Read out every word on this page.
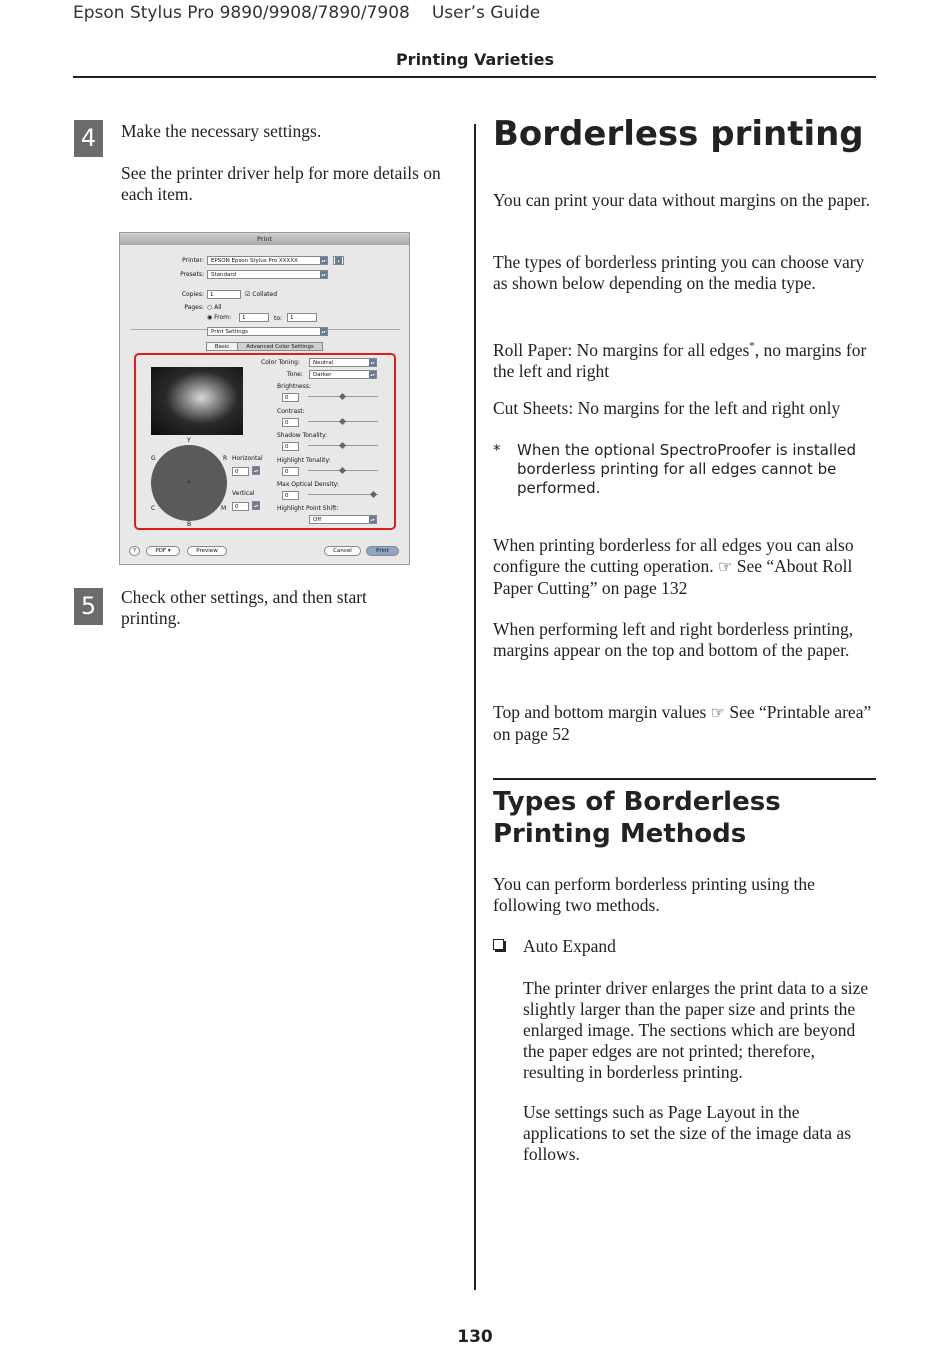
Epson Stylus Pro 9890/9908/7890/7908 User’s Guide
Printing Varieties
4	Make the necessary settings.
See the printer driver help for more details on each item.
Print
Printer:	EPSON Epson Stylus Pro XXXXX	▴▾	▴
Presets:	Standard	▴▾
Copies:	1	☑ Collated
Pages: ○ All
◉ From:	1	to:	1
Print Settings	▴▾
Basic	Advanced Color Settings
Color Toning:	Neutral	▴▾
Tone:	Darker	▴▾
Brightness:
0
Contrast:
0
Shadow Tonality:
0
Highlight Tonality:
0
Max Optical Density:
0
Highlight Point Shift:
Off	▴▾
Y
G	R
C	M
B
+
Horizontal
0	▴▾
Vertical
0	▴▾
?	PDF ▾	Preview	Cancel	Print
5	Check other settings, and then start printing.
Borderless printing
You can print your data without margins on the paper.
The types of borderless printing you can choose vary as shown below depending on the media type.
Roll Paper: No margins for all edges*, no margins for the left and right
Cut Sheets: No margins for the left and right only
* When the optional SpectroProofer is installed borderless printing for all edges cannot be performed.
When printing borderless for all edges you can also configure the cutting operation. ☞ See “About Roll Paper Cutting” on page 132
When performing left and right borderless printing, margins appear on the top and bottom of the paper.
Top and bottom margin values ☞ See “Printable area” on page 52
Types of Borderless Printing Methods
You can perform borderless printing using the following two methods.
Auto Expand
The printer driver enlarges the print data to a size slightly larger than the paper size and prints the enlarged image. The sections which are beyond the paper edges are not printed; therefore, resulting in borderless printing.
Use settings such as Page Layout in the applications to set the size of the image data as follows.
130
